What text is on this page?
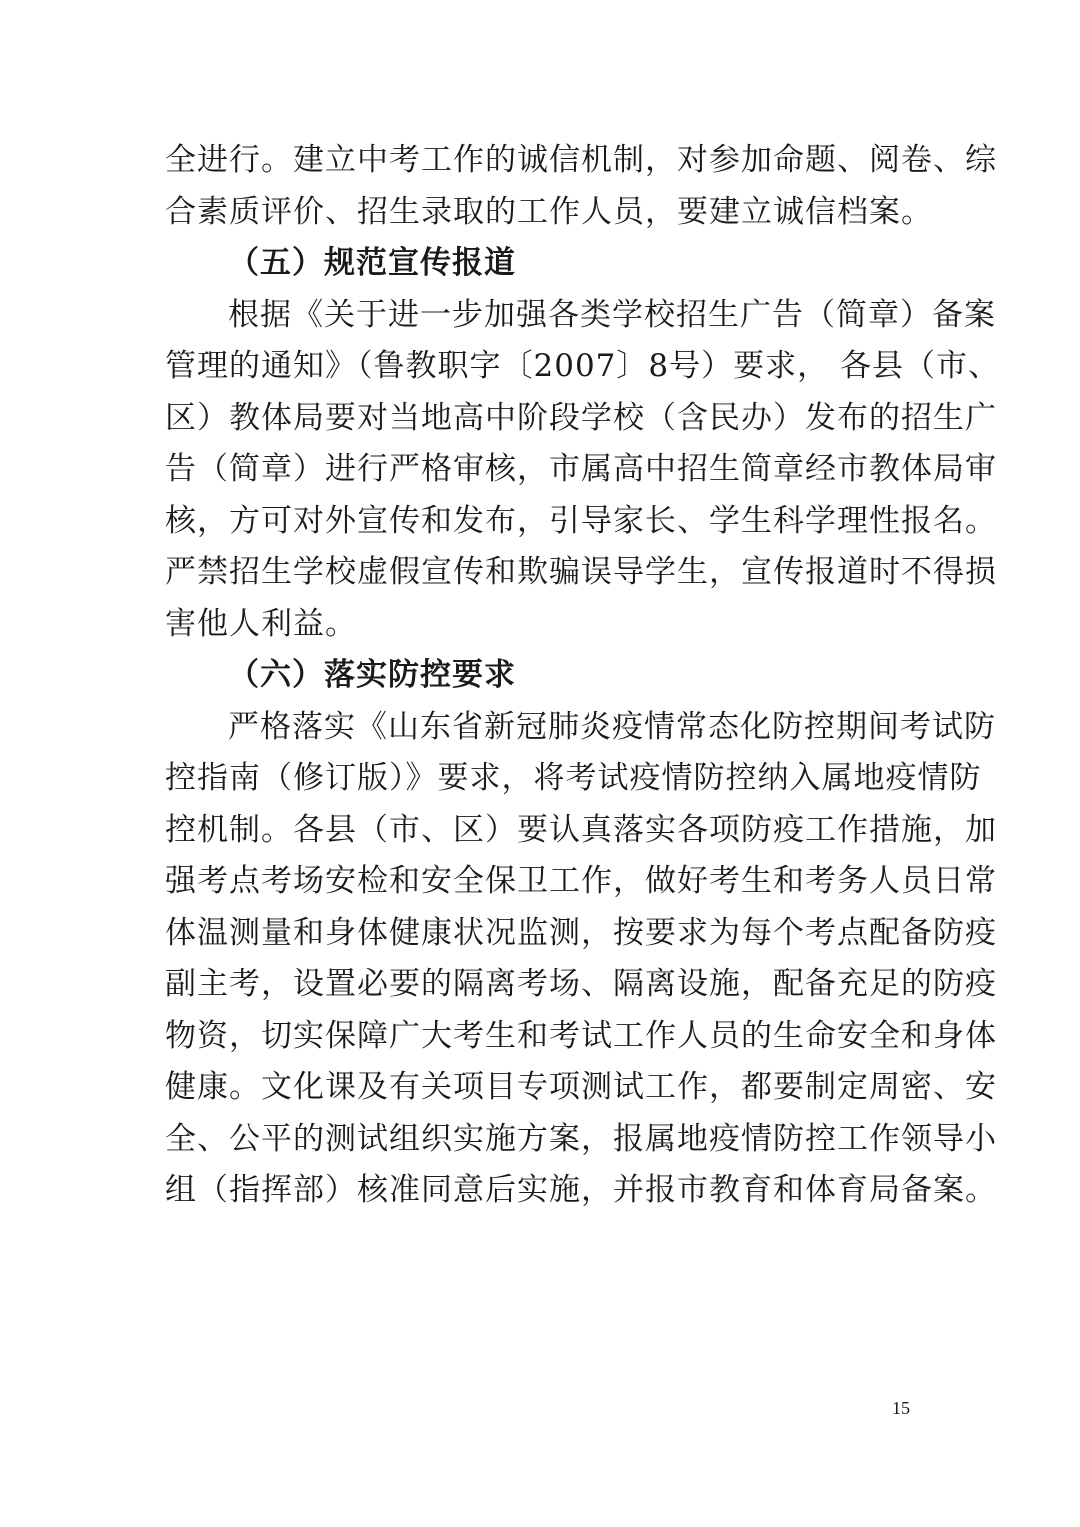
全进行。建立中考工作的诚信机制，对参加命题、阅卷、综
合素质评价、招生录取的工作人员，要建立诚信档案。
（五）规范宣传报道
根据《关于进一步加强各类学校招生广告（简章）备案
管理的通知》（鲁教职字〔2007〕8号）要求， 各县（市、
区）教体局要对当地高中阶段学校（含民办）发布的招生广
告（简章）进行严格审核，市属高中招生简章经市教体局审
核，方可对外宣传和发布，引导家长、学生科学理性报名。
严禁招生学校虚假宣传和欺骗误导学生，宣传报道时不得损
害他人利益。
（六）落实防控要求
严格落实《山东省新冠肺炎疫情常态化防控期间考试防
控指南（修订版）》要求，将考试疫情防控纳入属地疫情防
控机制。各县（市、区）要认真落实各项防疫工作措施，加
强考点考场安检和安全保卫工作，做好考生和考务人员日常
体温测量和身体健康状况监测，按要求为每个考点配备防疫
副主考，设置必要的隔离考场、隔离设施，配备充足的防疫
物资，切实保障广大考生和考试工作人员的生命安全和身体
健康。文化课及有关项目专项测试工作，都要制定周密、安
全、公平的测试组织实施方案，报属地疫情防控工作领导小
组（指挥部）核准同意后实施，并报市教育和体育局备案。
15
